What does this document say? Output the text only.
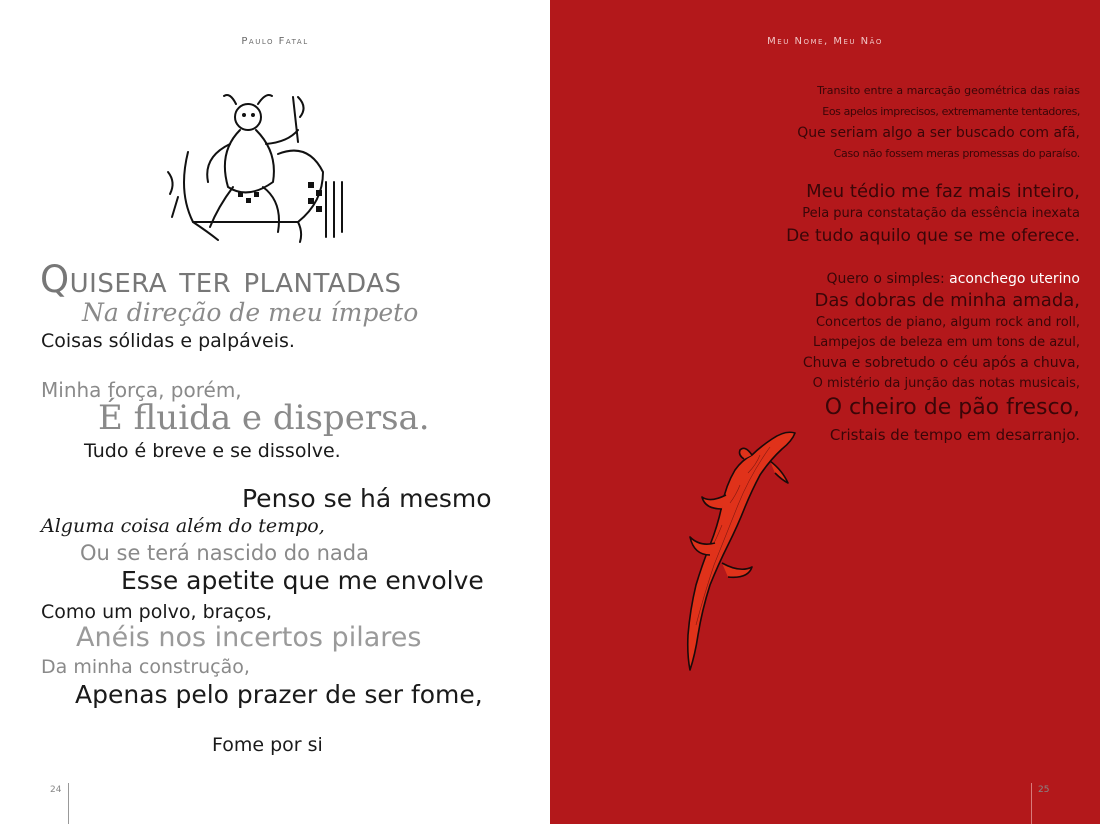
Paulo Fatal
Quisera ter plantadas
Na direção de meu ímpeto
Coisas sólidas e palpáveis.
Minha força, porém,
É fluida e dispersa.
Tudo é breve e se dissolve.
Penso se há mesmo
Alguma coisa além do tempo,
Ou se terá nascido do nada
Esse apetite que me envolve
Como um polvo, braços,
Anéis nos incertos pilares
Da minha construção,
Apenas pelo prazer de ser fome,
Fome por si
24
Meu Nome, Meu Não
Transito entre a marcação geométrica das raias
Eos apelos imprecisos, extremamente tentadores,
Que seriam algo a ser buscado com afã,
Caso não fossem meras promessas do paraíso.
Meu tédio me faz mais inteiro,
Pela pura constatação da essência inexata
De tudo aquilo que se me oferece.
Quero o simples: aconchego uterino
Das dobras de minha amada,
Concertos de piano, algum rock and roll,
Lampejos de beleza em um tons de azul,
Chuva e sobretudo o céu após a chuva,
O mistério da junção das notas musicais,
O cheiro de pão fresco,
Cristais de tempo em desarranjo.
25
